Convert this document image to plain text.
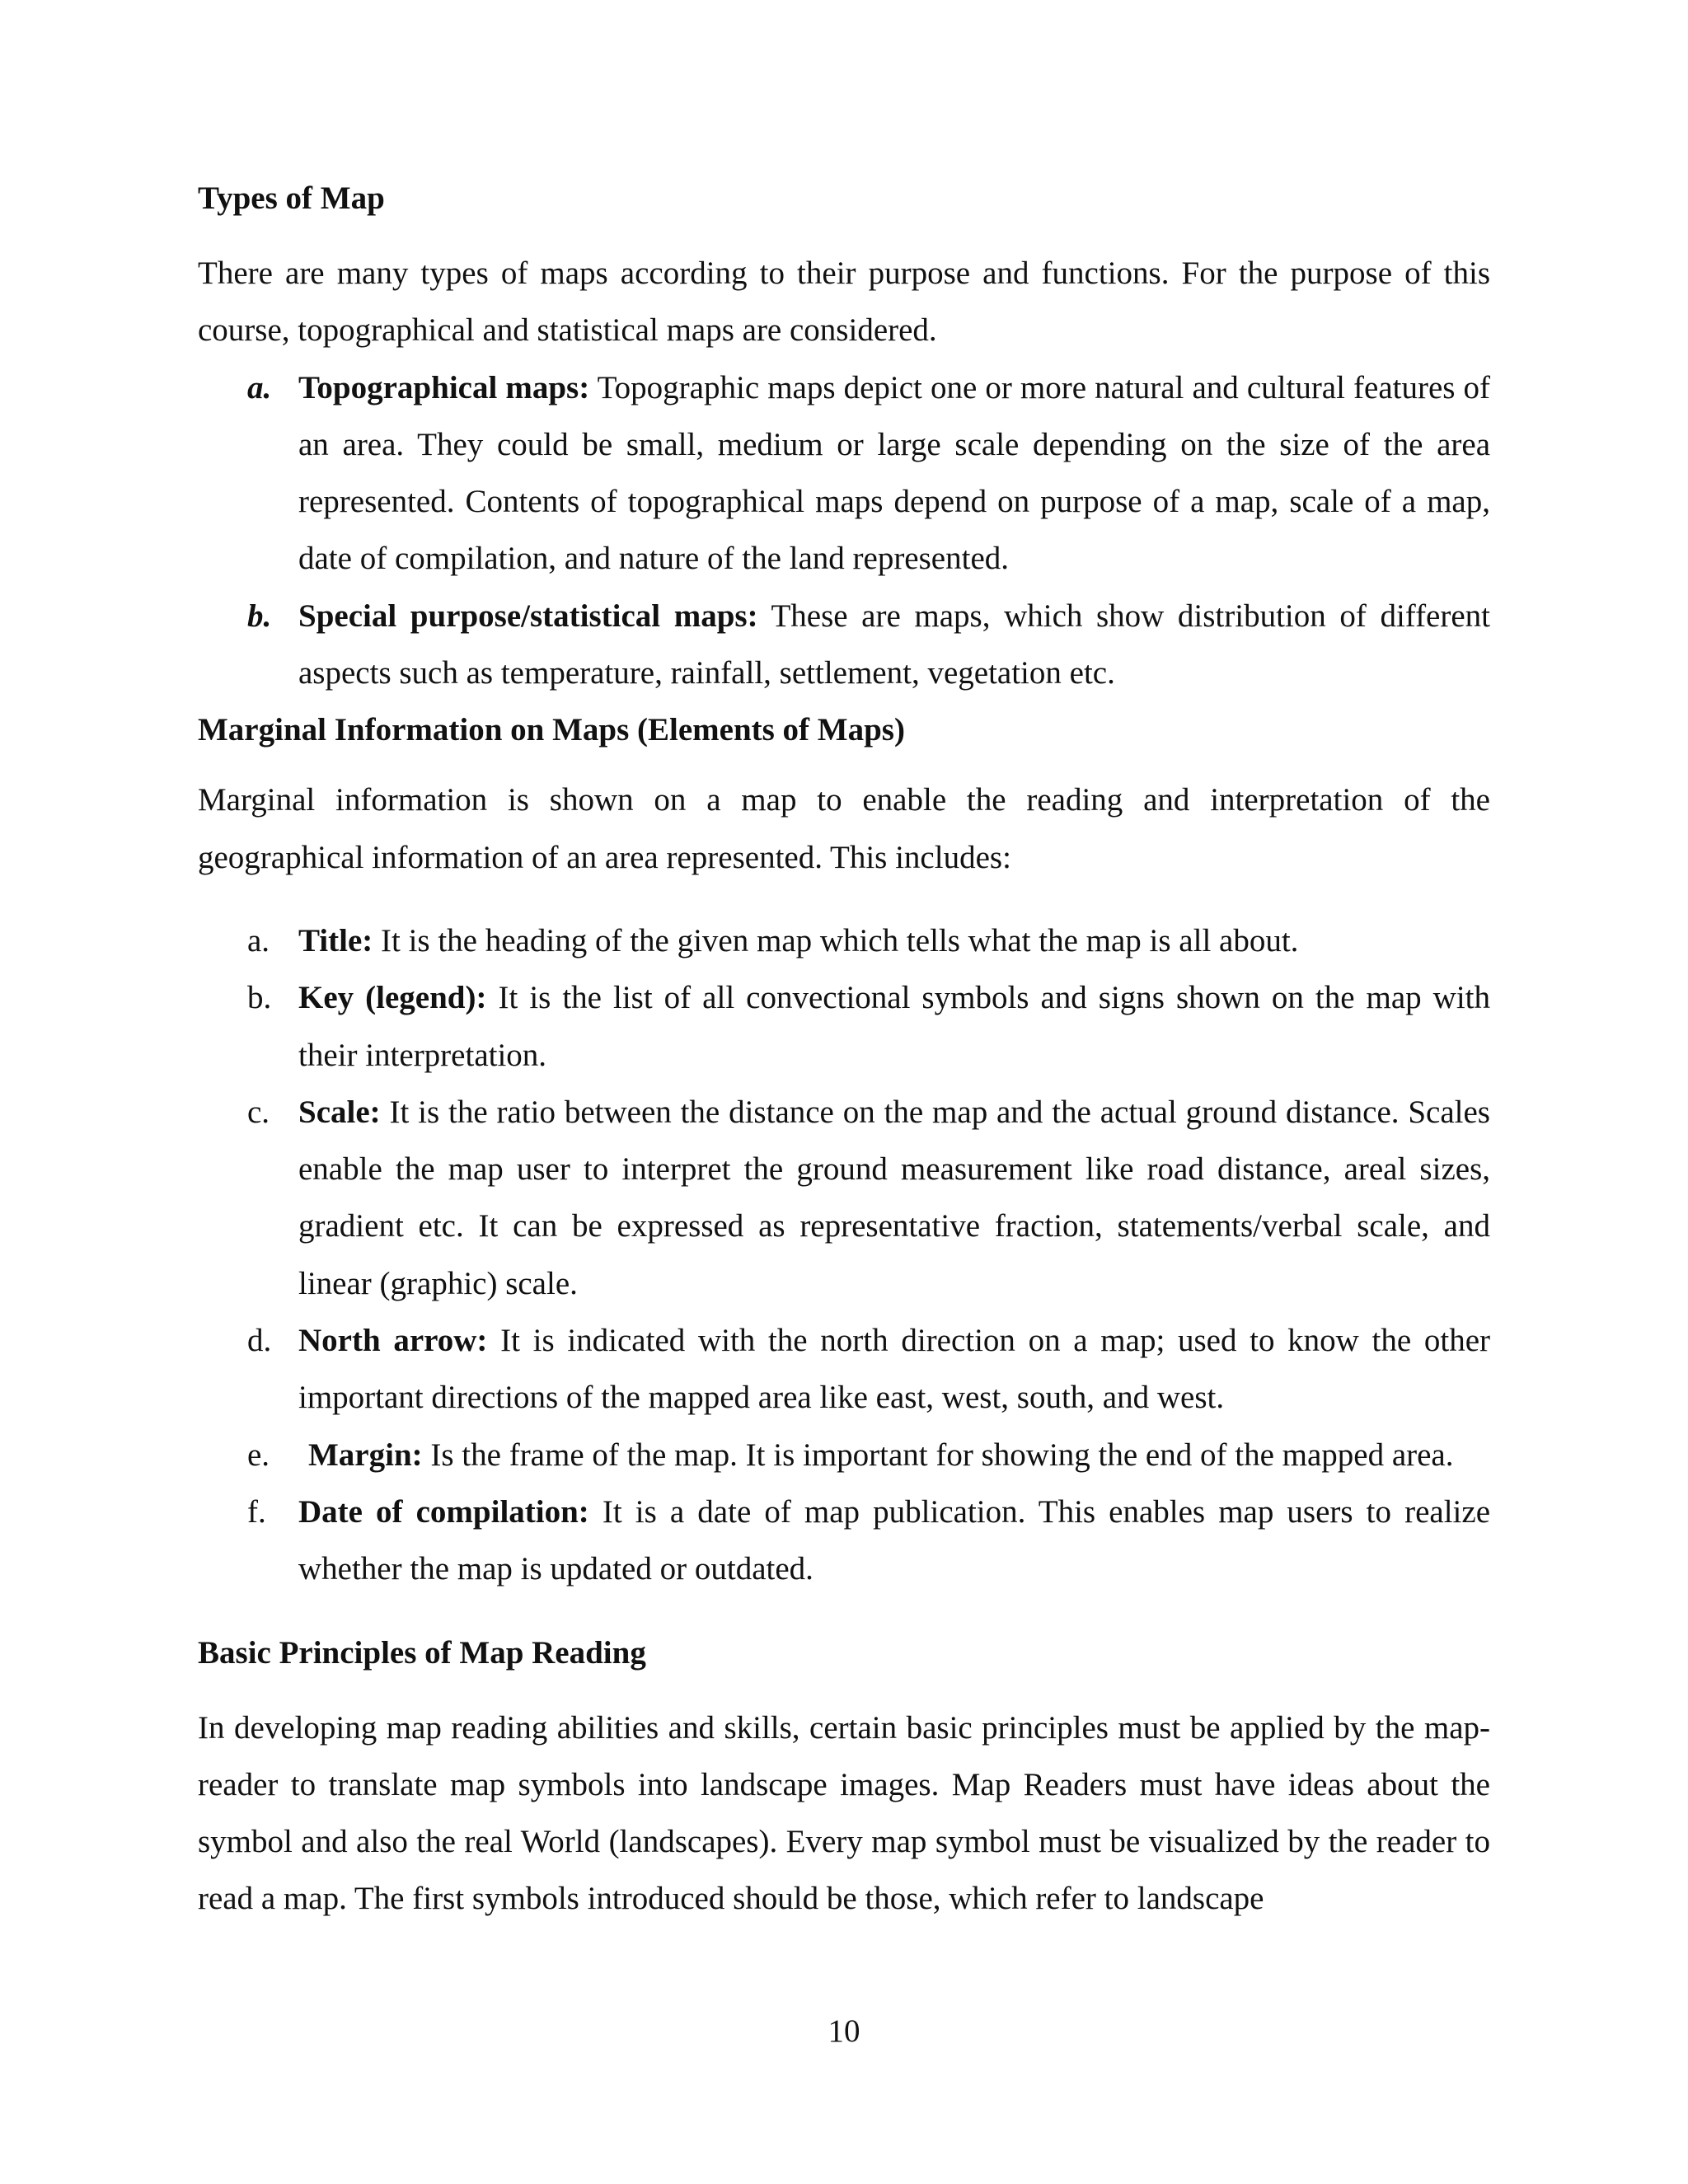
Types of Map

There are many types of maps according to their purpose and functions. For the purpose of this course, topographical and statistical maps are considered.

a. Topographical maps: Topographic maps depict one or more natural and cultural features of an area. They could be small, medium or large scale depending on the size of the area represented. Contents of topographical maps depend on purpose of a map, scale of a map, date of compilation, and nature of the land represented.
b. Special purpose/statistical maps: These are maps, which show distribution of different aspects such as temperature, rainfall, settlement, vegetation etc.
Marginal Information on Maps (Elements of Maps)

Marginal information is shown on a map to enable the reading and interpretation of the geographical information of an area represented. This includes:

a. Title: It is the heading of the given map which tells what the map is all about.
b. Key (legend): It is the list of all convectional symbols and signs shown on the map with their interpretation.
c. Scale: It is the ratio between the distance on the map and the actual ground distance. Scales enable the map user to interpret the ground measurement like road distance, areal sizes, gradient etc. It can be expressed as representative fraction, statements/verbal scale, and linear (graphic) scale.
d. North arrow: It is indicated with the north direction on a map; used to know the other important directions of the mapped area like east, west, south, and west.
e.	Margin: Is the frame of the map. It is important for showing the end of the mapped area.
f.	Date of compilation: It is a date of map publication. This enables map users to realize whether the map is updated or outdated.
Basic Principles of Map Reading

In developing map reading abilities and skills, certain basic principles must be applied by the map-reader to translate map symbols into landscape images. Map Readers must have ideas about the symbol and also the real World (landscapes). Every map symbol must be visualized by the reader to read a map. The first symbols introduced should be those, which refer to landscape

10
